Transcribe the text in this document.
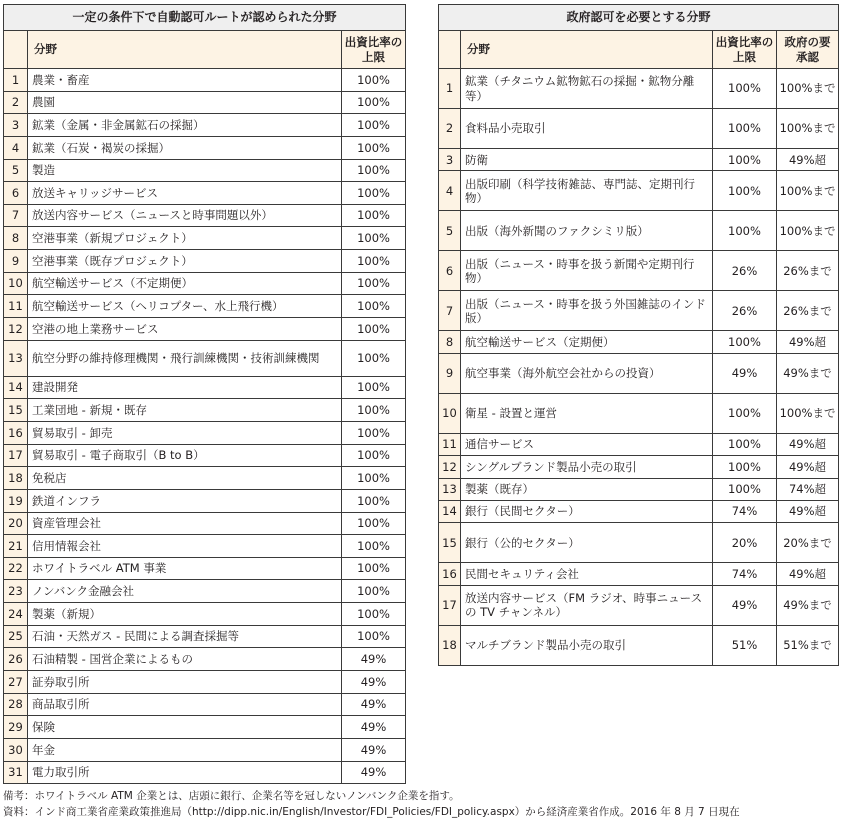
一定の条件下で自動認可ルートが認められた分野		
	分野	出資比率の上限
1	農業・畜産	100%
2	農園	100%
3	鉱業（金属・非金属鉱石の採掘）	100%
4	鉱業（石炭・褐炭の採掘）	100%
5	製造	100%
6	放送キャリッジサービス	100%
7	放送内容サービス（ニュースと時事問題以外）	100%
8	空港事業（新規プロジェクト）	100%
9	空港事業（既存プロジェクト）	100%
10	航空輸送サービス（不定期便）	100%
11	航空輸送サービス（ヘリコプター、水上飛行機）	100%
12	空港の地上業務サービス	100%
13	航空分野の維持修理機関・飛行訓練機関・技術訓練機関	100%
14	建設開発	100%
15	工業団地 - 新規・既存	100%
16	貿易取引 - 卸売	100%
17	貿易取引 - 電子商取引（B to B）	100%
18	免税店	100%
19	鉄道インフラ	100%
20	資産管理会社	100%
21	信用情報会社	100%
22	ホワイトラベル ATM 事業	100%
23	ノンバンク金融会社	100%
24	製薬（新規）	100%
25	石油・天然ガス - 民間による調査採掘等	100%
26	石油精製 - 国営企業によるもの	49%
27	証券取引所	49%
28	商品取引所	49%
29	保険	49%
30	年金	49%
31	電力取引所	49%
政府認可を必要とする分野			
	分野	出資比率の上限	政府の要承認
1	鉱業（チタニウム鉱物鉱石の採掘・鉱物分離等）	100%	100%まで
2	食料品小売取引	100%	100%まで
3	防衛	100%	49%超
4	出版印刷（科学技術雑誌、専門誌、定期刊行物）	100%	100%まで
5	出版（海外新聞のファクシミリ版）	100%	100%まで
6	出版（ニュース・時事を扱う新聞や定期刊行物）	26%	26%まで
7	出版（ニュース・時事を扱う外国雑誌のインド版）	26%	26%まで
8	航空輸送サービス（定期便）	100%	49%超
9	航空事業（海外航空会社からの投資）	49%	49%まで
10	衛星 - 設置と運営	100%	100%まで
11	通信サービス	100%	49%超
12	シングルブランド製品小売の取引	100%	49%超
13	製薬（既存）	100%	74%超
14	銀行（民間セクター）	74%	49%超
15	銀行（公的セクター）	20%	20%まで
16	民間セキュリティ会社	74%	49%超
17	放送内容サービス（FM ラジオ、時事ニュースの TV チャンネル）	49%	49%まで
18	マルチブランド製品小売の取引	51%	51%まで
備考：ホワイトラベル ATM 企業とは、店頭に銀行、企業名等を冠しないノンバンク企業を指す。
資料：インド商工業省産業政策推進局（http://dipp.nic.in/English/Investor/FDI_Policies/FDI_policy.aspx）から経済産業省作成。2016 年 8 月 7 日現在
